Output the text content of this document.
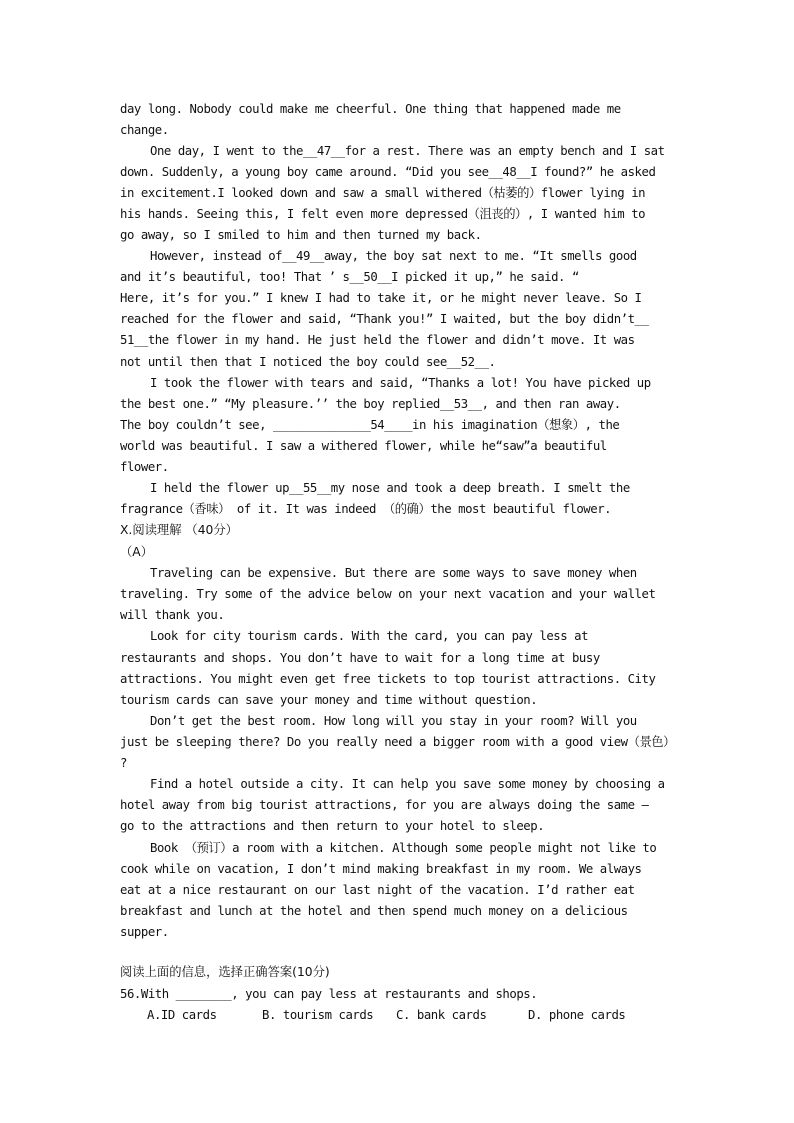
day long. Nobody could make me cheerful. One thing that happened made me
change.
One day, I went to the__47__for a rest. There was an empty bench and I sat
down. Suddenly, a young boy came around. “Did you see__48__I found?” he asked
in excitement.I looked down and saw a small withered（枯萎的）flower lying in
his hands. Seeing this, I felt even more depressed（沮丧的）, I wanted him to
go away, so I smiled to him and then turned my back.
However, instead of__49__away, the boy sat next to me. “It smells good
and it’s beautiful, too! That ’ s__50__I picked it up,” he said. “
Here, it’s for you.” I knew I had to take it, or he might never leave. So I
reached for the flower and said, “Thank you!” I waited, but the boy didn’t__
51__the flower in my hand. He just held the flower and didn’t move. It was
not until then that I noticed the boy could see__52__.
I took the flower with tears and said, “Thanks a lot! You have picked up
the best one.” “My pleasure.’’ the boy replied__53__, and then ran away.
The boy couldn’t see, ______________54____in his imagination（想象）, the
world was beautiful. I saw a withered flower, while he“saw”a beautiful
flower.
I held the flower up__55__my nose and took a deep breath. I smelt the
fragrance（香味） of it. It was indeed （的确）the most beautiful flower.
X.阅读理解 （40分）
（A）
Traveling can be expensive. But there are some ways to save money when
traveling. Try some of the advice below on your next vacation and your wallet
will thank you.
Look for city tourism cards. With the card, you can pay less at
restaurants and shops. You don’t have to wait for a long time at busy
attractions. You might even get free tickets to top tourist attractions. City
tourism cards can save your money and time without question.
Don’t get the best room. How long will you stay in your room? Will you
just be sleeping there? Do you really need a bigger room with a good view（景色）
?
Find a hotel outside a city. It can help you save some money by choosing a
hotel away from big tourist attractions, for you are always doing the same —
go to the attractions and then return to your hotel to sleep.
Book （预订）a room with a kitchen. Although some people might not like to
cook while on vacation, I don’t mind making breakfast in my room. We always
eat at a nice restaurant on our last night of the vacation. I’d rather eat
breakfast and lunch at the hotel and then spend much money on a delicious
supper.
阅读上面的信息，选择正确答案(10分)
56.With ________, you can pay less at restaurants and shops.
A.ID cards	B. tourism cards C. bank cards	D. phone cards
